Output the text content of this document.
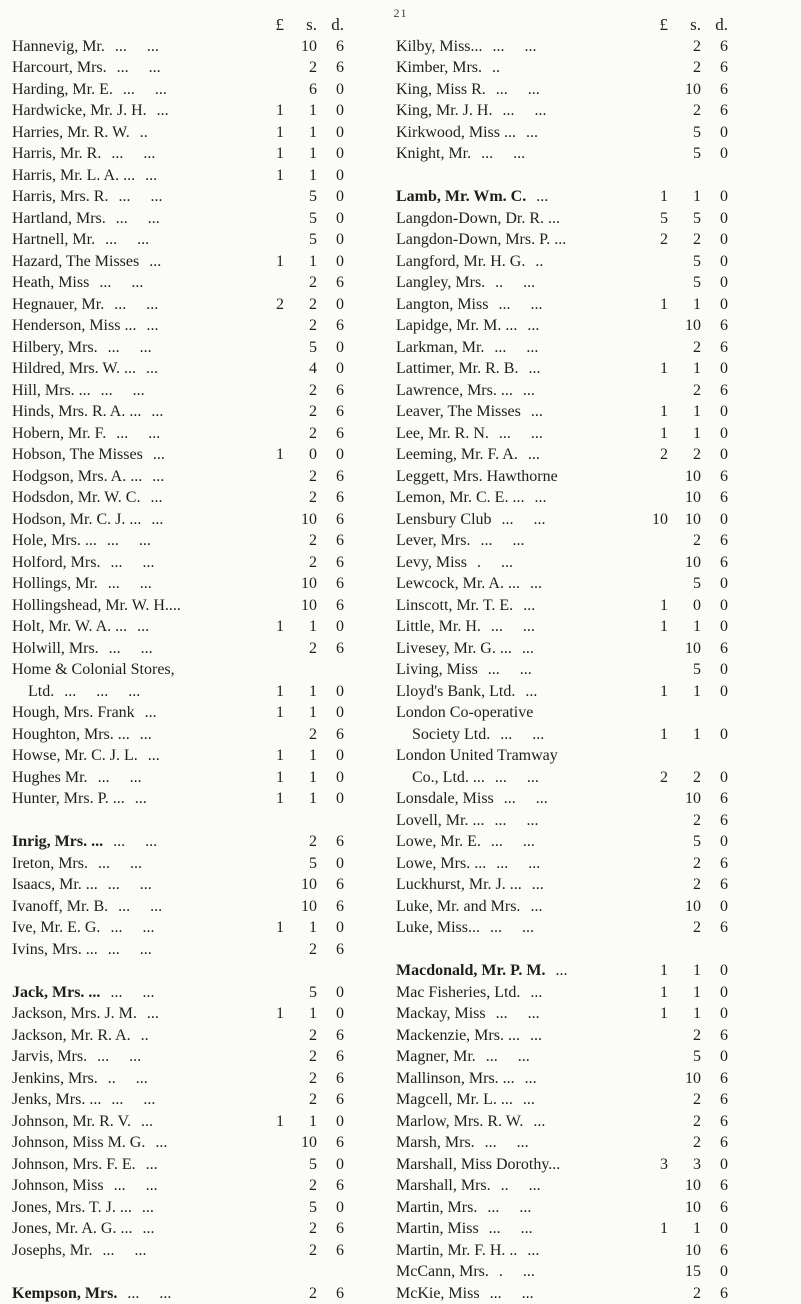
21
£	s. d.
Hannevig, Mr. ...     ...	10	6
Harcourt, Mrs. ...     ...	2	6
Harding, Mr. E. ...     ...	6	0
Hardwicke, Mr. J. H. ...	1	1	0
Harries, Mr. R. W. ..	1	1	0
Harris, Mr. R. ...     ...	1	1	0
Harris, Mr. L. A. ... ...	1	1	0
Harris, Mrs. R. ...     ...	5	0
Hartland, Mrs. ...     ...	5	0
Hartnell, Mr. ...     ...	5	0
Hazard, The Misses ...	1	1	0
Heath, Miss ...     ...	2	6
Hegnauer, Mr. ...     ...	2	2	0
Henderson, Miss ... ...	2	6
Hilbery, Mrs. ...     ...	5	0
Hildred, Mrs. W. ... ...	4	0
Hill, Mrs. ... ...     ...	2	6
Hinds, Mrs. R. A. ... ...	2	6
Hobern, Mr. F. ...     ...	2	6
Hobson, The Misses ...	1	0	0
Hodgson, Mrs. A. ... ...	2	6
Hodsdon, Mr. W. C. ...	2	6
Hodson, Mr. C. J. ... ...	10	6
Hole, Mrs. ... ...     ...	2	6
Holford, Mrs. ...     ...	2	6
Hollings, Mr. ...     ...	10	6
Hollingshead, Mr. W. H....	10	6
Holt, Mr. W. A. ... ...	1	1	0
Holwill, Mrs. ...     ...	2	6
Home & Colonial Stores,
Ltd. ...     ...     ...	1	1	0
Hough, Mrs. Frank ...	1	1	0
Houghton, Mrs. ... ...	2	6
Howse, Mr. C. J. L. ...	1	1	0
Hughes Mr. ...     ...	1	1	0
Hunter, Mrs. P. ... ...	1	1	0
Inrig, Mrs. ... ...     ...	2	6
Ireton, Mrs. ...     ...	5	0
Isaacs, Mr. ... ...     ...	10	6
Ivanoff, Mr. B. ...     ...	10	6
Ive, Mr. E. G. ...     ...	1	1	0
Ivins, Mrs. ... ...     ...	2	6
Jack, Mrs. ... ...     ...	5	0
Jackson, Mrs. J. M. ...	1	1	0
Jackson, Mr. R. A. ..	2	6
Jarvis, Mrs. ...     ...	2	6
Jenkins, Mrs. ..     ...	2	6
Jenks, Mrs. ... ...     ...	2	6
Johnson, Mr. R. V. ...	1	1	0
Johnson, Miss M. G. ...	10	6
Johnson, Mrs. F. E. ...	5	0
Johnson, Miss ...     ...	2	6
Jones, Mrs. T. J. ... ...	5	0
Jones, Mr. A. G. ... ...	2	6
Josephs, Mr. ...     ...	2	6
Kempson, Mrs. ...     ...	2	6
£	s. d.
Kilby, Miss... ...     ...	2	6
Kimber, Mrs. ..	2	6
King, Miss R. ...     ...	10	6
King, Mr. J. H. ...     ...	2	6
Kirkwood, Miss ... ...	5	0
Knight, Mr. ...     ...	5	0
Lamb, Mr. Wm. C. ...	1	1	0
Langdon-Down, Dr. R. ...	5	5	0
Langdon-Down, Mrs. P. ...	2	2	0
Langford, Mr. H. G. ..	5	0
Langley, Mrs. ..     ...	5	0
Langton, Miss ...     ...	1	1	0
Lapidge, Mr. M. ... ...	10	6
Larkman, Mr. ...     ...	2	6
Lattimer, Mr. R. B. ...	1	1	0
Lawrence, Mrs. ... ...	2	6
Leaver, The Misses ...	1	1	0
Lee, Mr. R. N. ...     ...	1	1	0
Leeming, Mr. F. A. ...	2	2	0
Leggett, Mrs. Hawthorne	10	6
Lemon, Mr. C. E. ... ...	10	6
Lensbury Club ...     ...	10	10	0
Lever, Mrs. ...     ...	2	6
Levy, Miss .     ...	10	6
Lewcock, Mr. A. ... ...	5	0
Linscott, Mr. T. E. ...	1	0	0
Little, Mr. H. ...     ...	1	1	0
Livesey, Mr. G. ... ...	10	6
Living, Miss ...     ...	5	0
Lloyd's Bank, Ltd. ...	1	1	0
London Co-operative
Society Ltd. ...     ...	1	1	0
London United Tramway
Co., Ltd. ... ...     ...	2	2	0
Lonsdale, Miss ...     ...	10	6
Lovell, Mr. ... ...     ...	2	6
Lowe, Mr. E. ...     ...	5	0
Lowe, Mrs. ... ...     ...	2	6
Luckhurst, Mr. J. ... ...	2	6
Luke, Mr. and Mrs. ...	10	0
Luke, Miss... ...     ...	2	6
Macdonald, Mr. P. M. ...	1	1	0
Mac Fisheries, Ltd. ...	1	1	0
Mackay, Miss ...     ...	1	1	0
Mackenzie, Mrs. ... ...	2	6
Magner, Mr. ...     ...	5	0
Mallinson, Mrs. ... ...	10	6
Magcell, Mr. L. ... ...	2	6
Marlow, Mrs. R. W. ...	2	6
Marsh, Mrs. ...     ...	2	6
Marshall, Miss Dorothy...	3	3	0
Marshall, Mrs. ..     ...	10	6
Martin, Mrs. ...     ...	10	6
Martin, Miss ...     ...	1	1	0
Martin, Mr. F. H. .. ...	10	6
McCann, Mrs. .     ...	15	0
McKie, Miss ...     ...	2	6
